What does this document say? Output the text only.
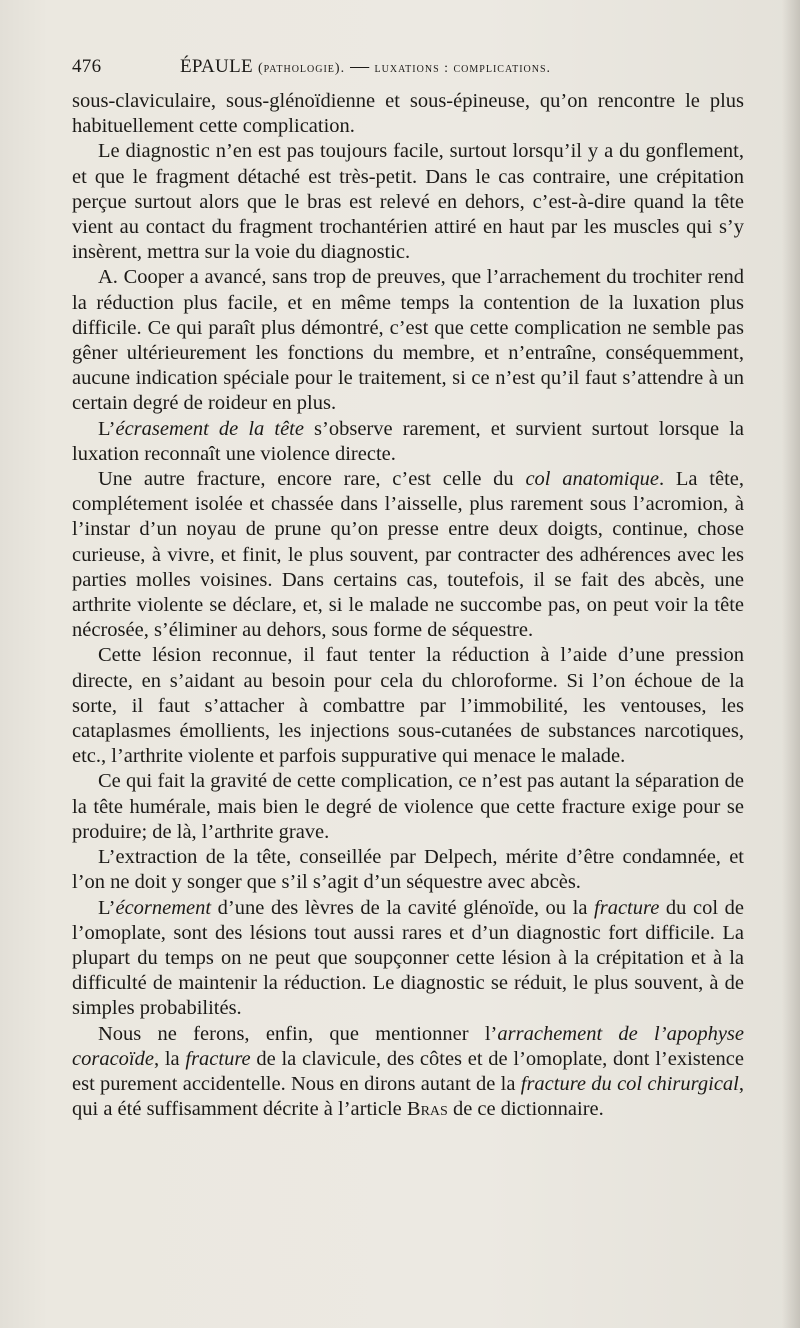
476	ÉPAULE (pathologie). — luxations : complications.

sous-claviculaire, sous-glénoïdienne et sous-épineuse, qu’on rencontre le plus habituellement cette complication.

Le diagnostic n’en est pas toujours facile, surtout lorsqu’il y a du gonflement, et que le fragment détaché est très-petit. Dans le cas contraire, une crépitation perçue surtout alors que le bras est relevé en dehors, c’est-à-dire quand la tête vient au contact du fragment trochantérien attiré en haut par les muscles qui s’y insèrent, mettra sur la voie du diagnostic.

A. Cooper a avancé, sans trop de preuves, que l’arrachement du trochiter rend la réduction plus facile, et en même temps la contention de la luxation plus difficile. Ce qui paraît plus démontré, c’est que cette complication ne semble pas gêner ultérieurement les fonctions du membre, et n’entraîne, conséquemment, aucune indication spéciale pour le traitement, si ce n’est qu’il faut s’attendre à un certain degré de roideur en plus.

L’écrasement de la tête s’observe rarement, et survient surtout lorsque la luxation reconnaît une violence directe.

Une autre fracture, encore rare, c’est celle du col anatomique. La tête, complétement isolée et chassée dans l’aisselle, plus rarement sous l’acromion, à l’instar d’un noyau de prune qu’on presse entre deux doigts, continue, chose curieuse, à vivre, et finit, le plus souvent, par contracter des adhérences avec les parties molles voisines. Dans certains cas, toutefois, il se fait des abcès, une arthrite violente se déclare, et, si le malade ne succombe pas, on peut voir la tête nécrosée, s’éliminer au dehors, sous forme de séquestre.

Cette lésion reconnue, il faut tenter la réduction à l’aide d’une pression directe, en s’aidant au besoin pour cela du chloroforme. Si l’on échoue de la sorte, il faut s’attacher à combattre par l’immobilité, les ventouses, les cataplasmes émollients, les injections sous-cutanées de substances narcotiques, etc., l’arthrite violente et parfois suppurative qui menace le malade.

Ce qui fait la gravité de cette complication, ce n’est pas autant la séparation de la tête humérale, mais bien le degré de violence que cette fracture exige pour se produire; de là, l’arthrite grave.

L’extraction de la tête, conseillée par Delpech, mérite d’être condamnée, et l’on ne doit y songer que s’il s’agit d’un séquestre avec abcès.

L’écornement d’une des lèvres de la cavité glénoïde, ou la fracture du col de l’omoplate, sont des lésions tout aussi rares et d’un diagnostic fort difficile. La plupart du temps on ne peut que soupçonner cette lésion à la crépitation et à la difficulté de maintenir la réduction. Le diagnostic se réduit, le plus souvent, à de simples probabilités.

Nous ne ferons, enfin, que mentionner l’arrachement de l’apophyse coracoïde, la fracture de la clavicule, des côtes et de l’omoplate, dont l’existence est purement accidentelle. Nous en dirons autant de la fracture du col chirurgical, qui a été suffisamment décrite à l’article Bras de ce dictionnaire.
